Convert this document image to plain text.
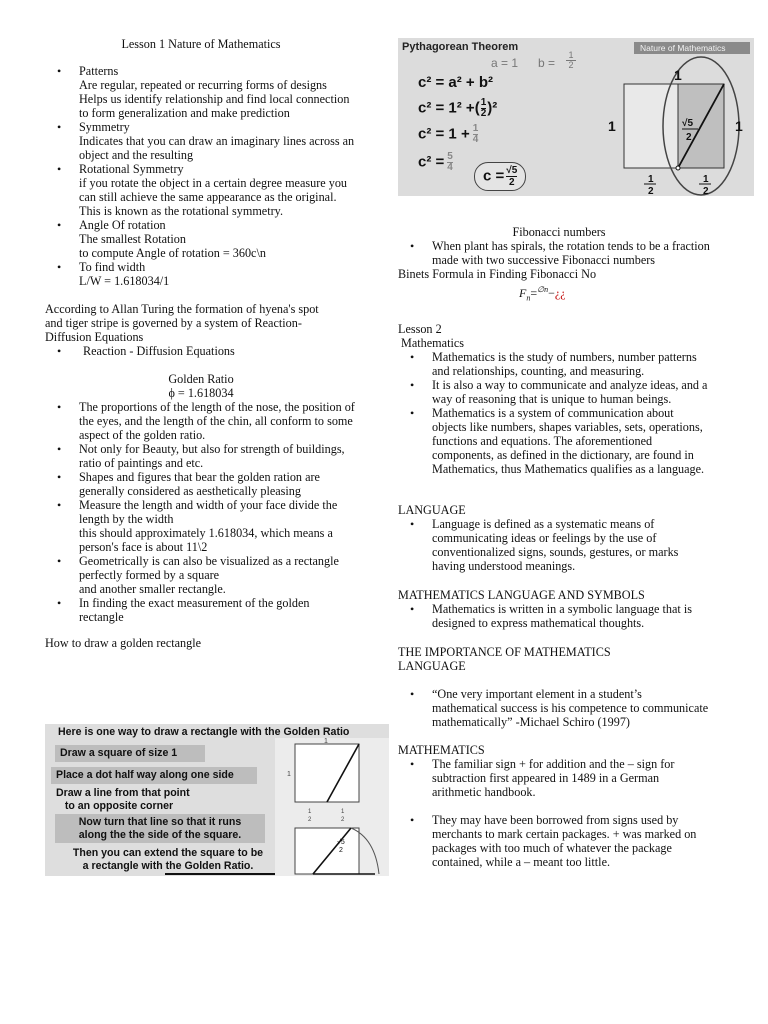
Lesson 1 Nature of Mathematics
• Patterns
Are regular, repeated or recurring forms of designs
Helps us identify relationship and find local connection to form generalization and make prediction
• Symmetry
Indicates that you can draw an imaginary lines across an object and the resulting
• Rotational Symmetry
if you rotate the object in a certain degree measure you can still achieve the same appearance as the original. This is known as the rotational symmetry.
• Angle Of rotation
The smallest Rotation
to compute Angle of rotation = 360c\n
• To find width
L/W = 1.618034/1
According to Allan Turing the formation of hyena's spot and tiger stripe is governed by a system of Reaction-Diffusion Equations
• Reaction - Diffusion Equations
Golden Ratio
ϕ = 1.618034
• The proportions of the length of the nose, the position of the eyes, and the length of the chin, all conform to some aspect of the golden ratio.
• Not only for Beauty, but also for strength of buildings, ratio of paintings and etc.
• Shapes and figures that bear the golden ration are generally considered as aesthetically pleasing
• Measure the length and width of your face divide the length by the width
this should approximately 1.618034, which means a person's face is about 11\2
• Geometrically is can also be visualized as a rectangle perfectly formed by a square
and another smaller rectangle.
• In finding the exact measurement of the golden rectangle
How to draw a golden rectangle
Here is one way to draw a rectangle with the Golden Ratio
Draw a square of size 1
Place a dot half way along one side
Draw a line from that point
to an opposite corner
Now turn that line so that it runs
along the the side of the square.
Then you can extend the square to be
a rectangle with the Golden Ratio.
1
1
1
2
1
2
√5
2
Pythagorean Theorem	Nature of Mathematics
a = 1 b =
1
2
c² = a² + b²
c² = 1² +( $\frac{1}{2} )^2$
$c^2 = 1 + \frac{1}{4}$
$c^2 = \frac{5}{4}$
$c = \frac{√5}{2}$
1
1	1
√5
2
1
2
1
2
Fibonacci numbers
• When plant has spirals, the rotation tends to be a fraction made with two successive Fibonacci numbers
Binets Formula in Finding Fibonacci No
$F_n=^{\emptyset n}-¿¿$
Lesson 2
Mathematics
• Mathematics is the study of numbers, number patterns and relationships, counting, and measuring.
• It is also a way to communicate and analyze ideas, and a way of reasoning that is unique to human beings.
• Mathematics is a system of communication about objects like numbers, shapes variables, sets, operations, functions and equations. The aforementioned components, as defined in the dictionary, are found in Mathematics, thus Mathematics qualifies as a language.
LANGUAGE
• Language is defined as a systematic means of communicating ideas or feelings by the use of conventionalized signs, sounds, gestures, or marks having understood meanings.
MATHEMATICS LANGUAGE AND SYMBOLS
• Mathematics is written in a symbolic language that is designed to express mathematical thoughts.
THE IMPORTANCE OF MATHEMATICS LANGUAGE
• “One very important element in a student’s mathematical success is his competence to communicate mathematically” -Michael Schiro (1997)
MATHEMATICS
• The familiar sign + for addition and the – sign for subtraction first appeared in 1489 in a German arithmetic handbook.
• They may have been borrowed from signs used by merchants to mark certain packages. + was marked on packages with too much of whatever the package contained, while a – meant too little.
